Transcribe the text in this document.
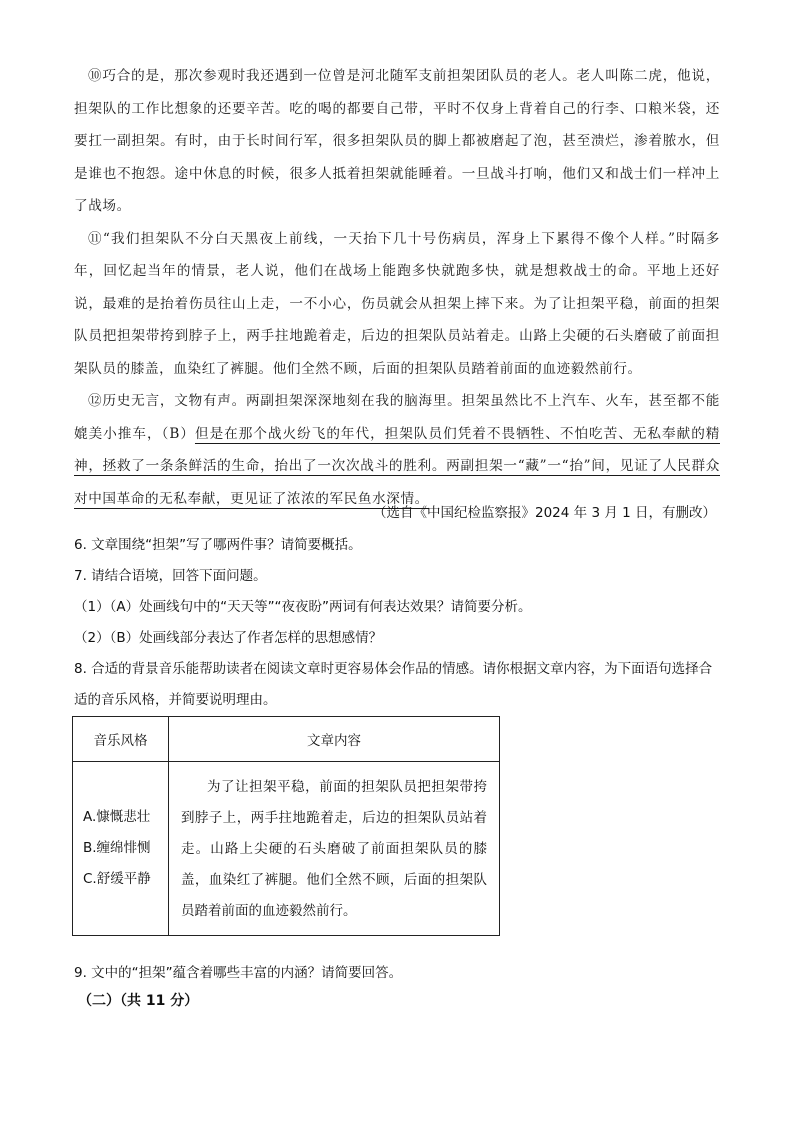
⑩巧合的是，那次参观时我还遇到一位曾是河北随军支前担架团队员的老人。老人叫陈二虎，他说，担架队的工作比想象的还要辛苦。吃的喝的都要自己带，平时不仅身上背着自己的行李、口粮米袋，还要扛一副担架。有时，由于长时间行军，很多担架队员的脚上都被磨起了泡，甚至溃烂，渗着脓水，但是谁也不抱怨。途中休息的时候，很多人抵着担架就能睡着。一旦战斗打响，他们又和战士们一样冲上了战场。

⑪“我们担架队不分白天黑夜上前线，一天抬下几十号伤病员，浑身上下累得不像个人样。”时隔多年，回忆起当年的情景，老人说，他们在战场上能跑多快就跑多快，就是想救战士的命。平地上还好说，最难的是抬着伤员往山上走，一不小心，伤员就会从担架上摔下来。为了让担架平稳，前面的担架队员把担架带挎到脖子上，两手拄地跪着走，后边的担架队员站着走。山路上尖硬的石头磨破了前面担架队员的膝盖，血染红了裤腿。他们全然不顾，后面的担架队员踏着前面的血迹毅然前行。

⑫历史无言，文物有声。两副担架深深地刻在我的脑海里。担架虽然比不上汽车、火车，甚至都不能媲美小推车，（B）但是在那个战火纷飞的年代，担架队员们凭着不畏牺牲、不怕吃苦、无私奉献的精神，拯救了一条条鲜活的生命，抬出了一次次战斗的胜利。两副担架一“藏”一“抬”间，见证了人民群众对中国革命的无私奉献，更见证了浓浓的军民鱼水深情。

（选自《中国纪检监察报》2024 年 3 月 1 日，有删改）

6. 文章围绕“担架”写了哪两件事？请简要概括。

7. 请结合语境，回答下面问题。

（1）（A）处画线句中的“天天等”“夜夜盼”两词有何表达效果？请简要分析。

（2）（B）处画线部分表达了作者怎样的思想感情？

8. 合适的背景音乐能帮助读者在阅读文章时更容易体会作品的情感。请你根据文章内容，为下面语句选择合适的音乐风格，并简要说明理由。

音乐风格	文章内容

A.慷慨悲壮
B.缠绵悱恻
C.舒缓平静	为了让担架平稳，前面的担架队员把担架带挎到脖子上，两手拄地跪着走，后边的担架队员站着走。山路上尖硬的石头磨破了前面担架队员的膝盖，血染红了裤腿。他们全然不顾，后面的担架队员踏着前面的血迹毅然前行。

9. 文中的“担架”蕴含着哪些丰富的内涵？请简要回答。

（二）（共 11 分）
